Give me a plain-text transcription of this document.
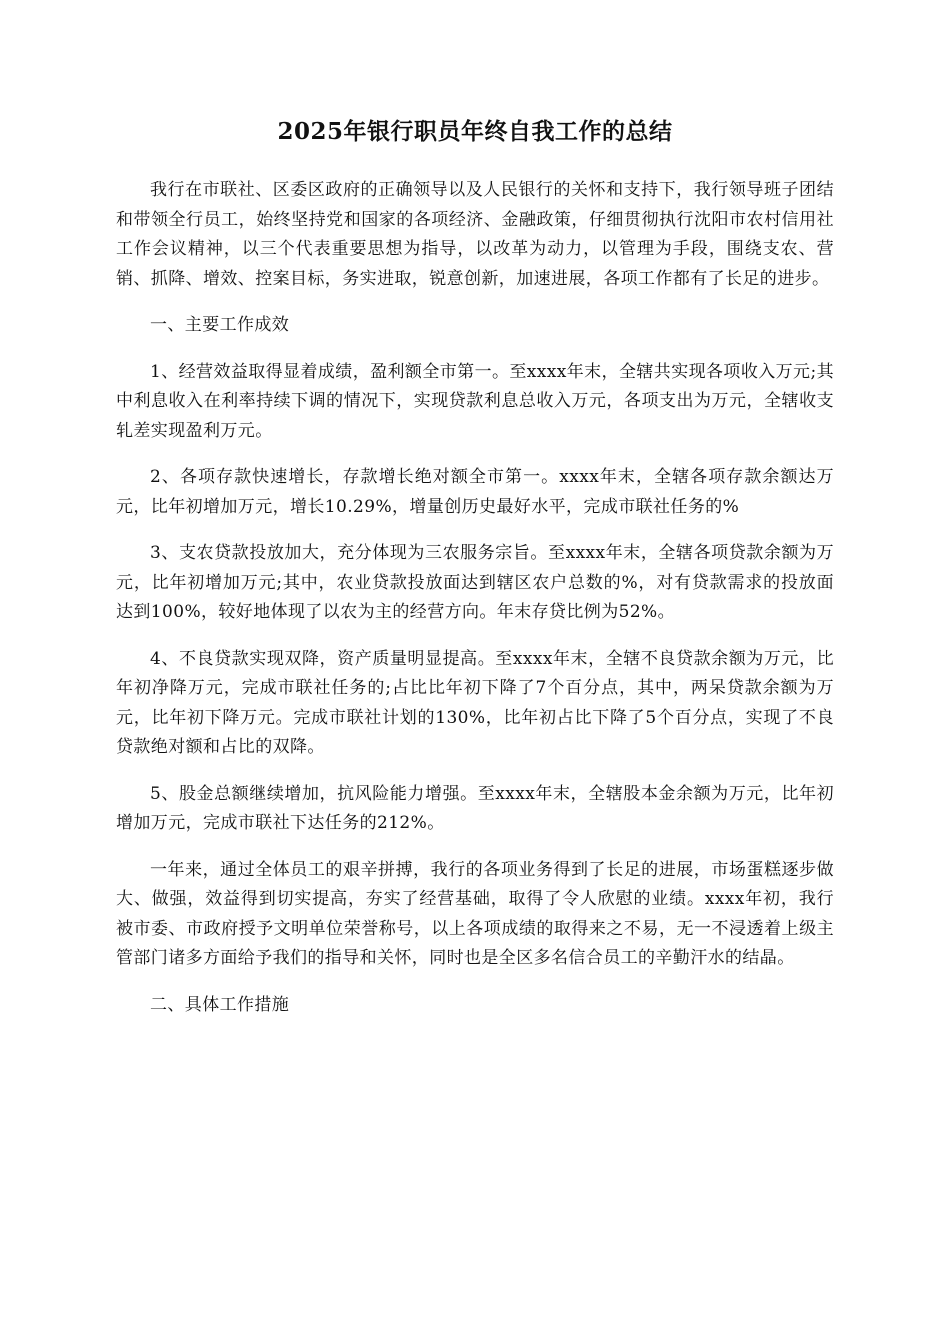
2025年银行职员年终自我工作的总结

我行在市联社、区委区政府的正确领导以及人民银行的关怀和支持下，我行领导班子团结和带领全行员工，始终坚持党和国家的各项经济、金融政策，仔细贯彻执行沈阳市农村信用社工作会议精神，以三个代表重要思想为指导，以改革为动力，以管理为手段，围绕支农、营销、抓降、增效、控案目标，务实进取，锐意创新，加速进展，各项工作都有了长足的进步。

一、主要工作成效

1、经营效益取得显着成绩，盈利额全市第一。至xxxx年末，全辖共实现各项收入万元;其中利息收入在利率持续下调的情况下，实现贷款利息总收入万元，各项支出为万元，全辖收支轧差实现盈利万元。

2、各项存款快速增长，存款增长绝对额全市第一。xxxx年末，全辖各项存款余额达万元，比年初增加万元，增长10.29%，增量创历史最好水平，完成市联社任务的%

3、支农贷款投放加大，充分体现为三农服务宗旨。至xxxx年末，全辖各项贷款余额为万元，比年初增加万元;其中，农业贷款投放面达到辖区农户总数的%，对有贷款需求的投放面达到100%，较好地体现了以农为主的经营方向。年末存贷比例为52%。

4、不良贷款实现双降，资产质量明显提高。至xxxx年末，全辖不良贷款余额为万元，比年初净降万元，完成市联社任务的;占比比年初下降了7个百分点，其中，两呆贷款余额为万元，比年初下降万元。完成市联社计划的130%，比年初占比下降了5个百分点，实现了不良贷款绝对额和占比的双降。

5、股金总额继续增加，抗风险能力增强。至xxxx年末，全辖股本金余额为万元，比年初增加万元，完成市联社下达任务的212%。

一年来，通过全体员工的艰辛拼搏，我行的各项业务得到了长足的进展，市场蛋糕逐步做大、做强，效益得到切实提高，夯实了经营基础，取得了令人欣慰的业绩。xxxx年初，我行被市委、市政府授予文明单位荣誉称号，以上各项成绩的取得来之不易，无一不浸透着上级主管部门诸多方面给予我们的指导和关怀，同时也是全区多名信合员工的辛勤汗水的结晶。

二、具体工作措施
